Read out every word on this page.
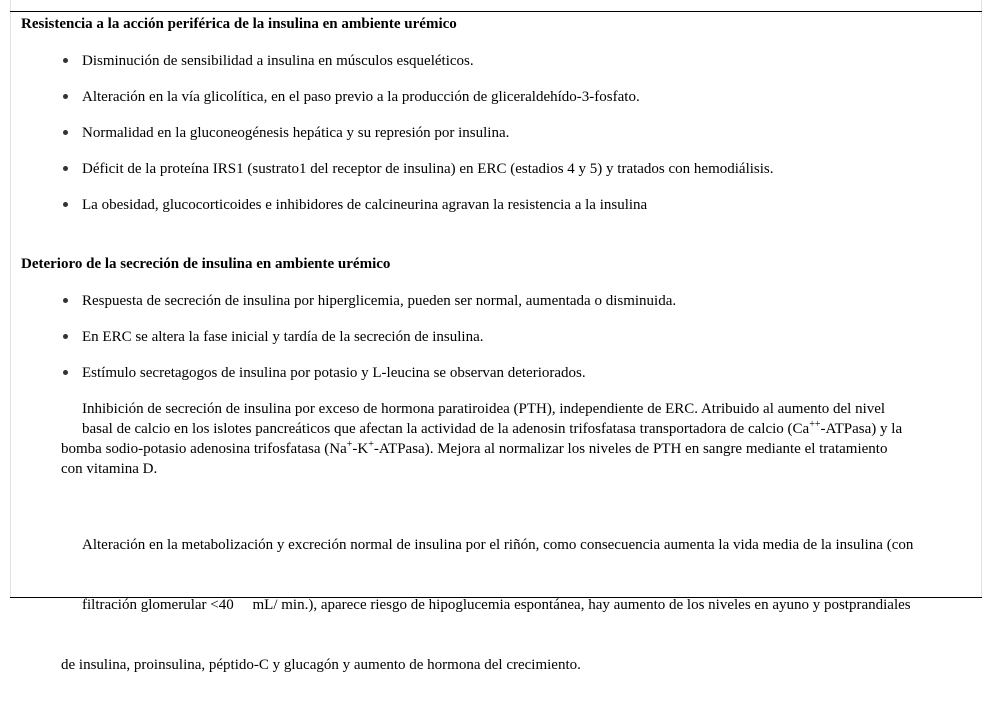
Resistencia a la acción periférica de la insulina en ambiente urémico
Disminución de sensibilidad a insulina en músculos esqueléticos.
Alteración en la vía glicolítica, en el paso previo a la producción de gliceraldehído-3-fosfato.
Normalidad en la gluconeogénesis hepática y su represión por insulina.
Déficit de la proteína IRS1 (sustrato1 del receptor de insulina) en ERC (estadios 4 y 5) y tratados con hemodiálisis.
La obesidad, glucocorticoides e inhibidores de calcineurina agravan la resistencia a la insulina
Deterioro de la secreción de insulina en ambiente urémico
Respuesta de secreción de insulina por hiperglicemia, pueden ser normal, aumentada o disminuida.
En ERC se altera la fase inicial y tardía de la secreción de insulina.
Estímulo secretagogos de insulina por potasio y L-leucina se observan deteriorados.
Inhibición de secreción de insulina por exceso de hormona paratiroidea (PTH), independiente de ERC. Atribuido al aumento del nivel
basal de calcio en los islotes pancreáticos que afectan la actividad de la adenosin trifosfatasa transportadora de calcio (Ca++-ATPasa) y la
bomba sodio-potasio adenosina trifosfatasa (Na+-K+-ATPasa). Mejora al normalizar los niveles de PTH en sangre mediante el tratamiento
con vitamina D.

Alteración en la metabolización y excreción normal de insulina por el riñón, como consecuencia aumenta la vida media de la insulina (con

filtración glomerular <40     mL/ min.), aparece riesgo de hipoglucemia espontánea, hay aumento de los niveles en ayuno y postprandiales

de insulina, proinsulina, péptido-C y glucagón y aumento de hormona del crecimiento.
